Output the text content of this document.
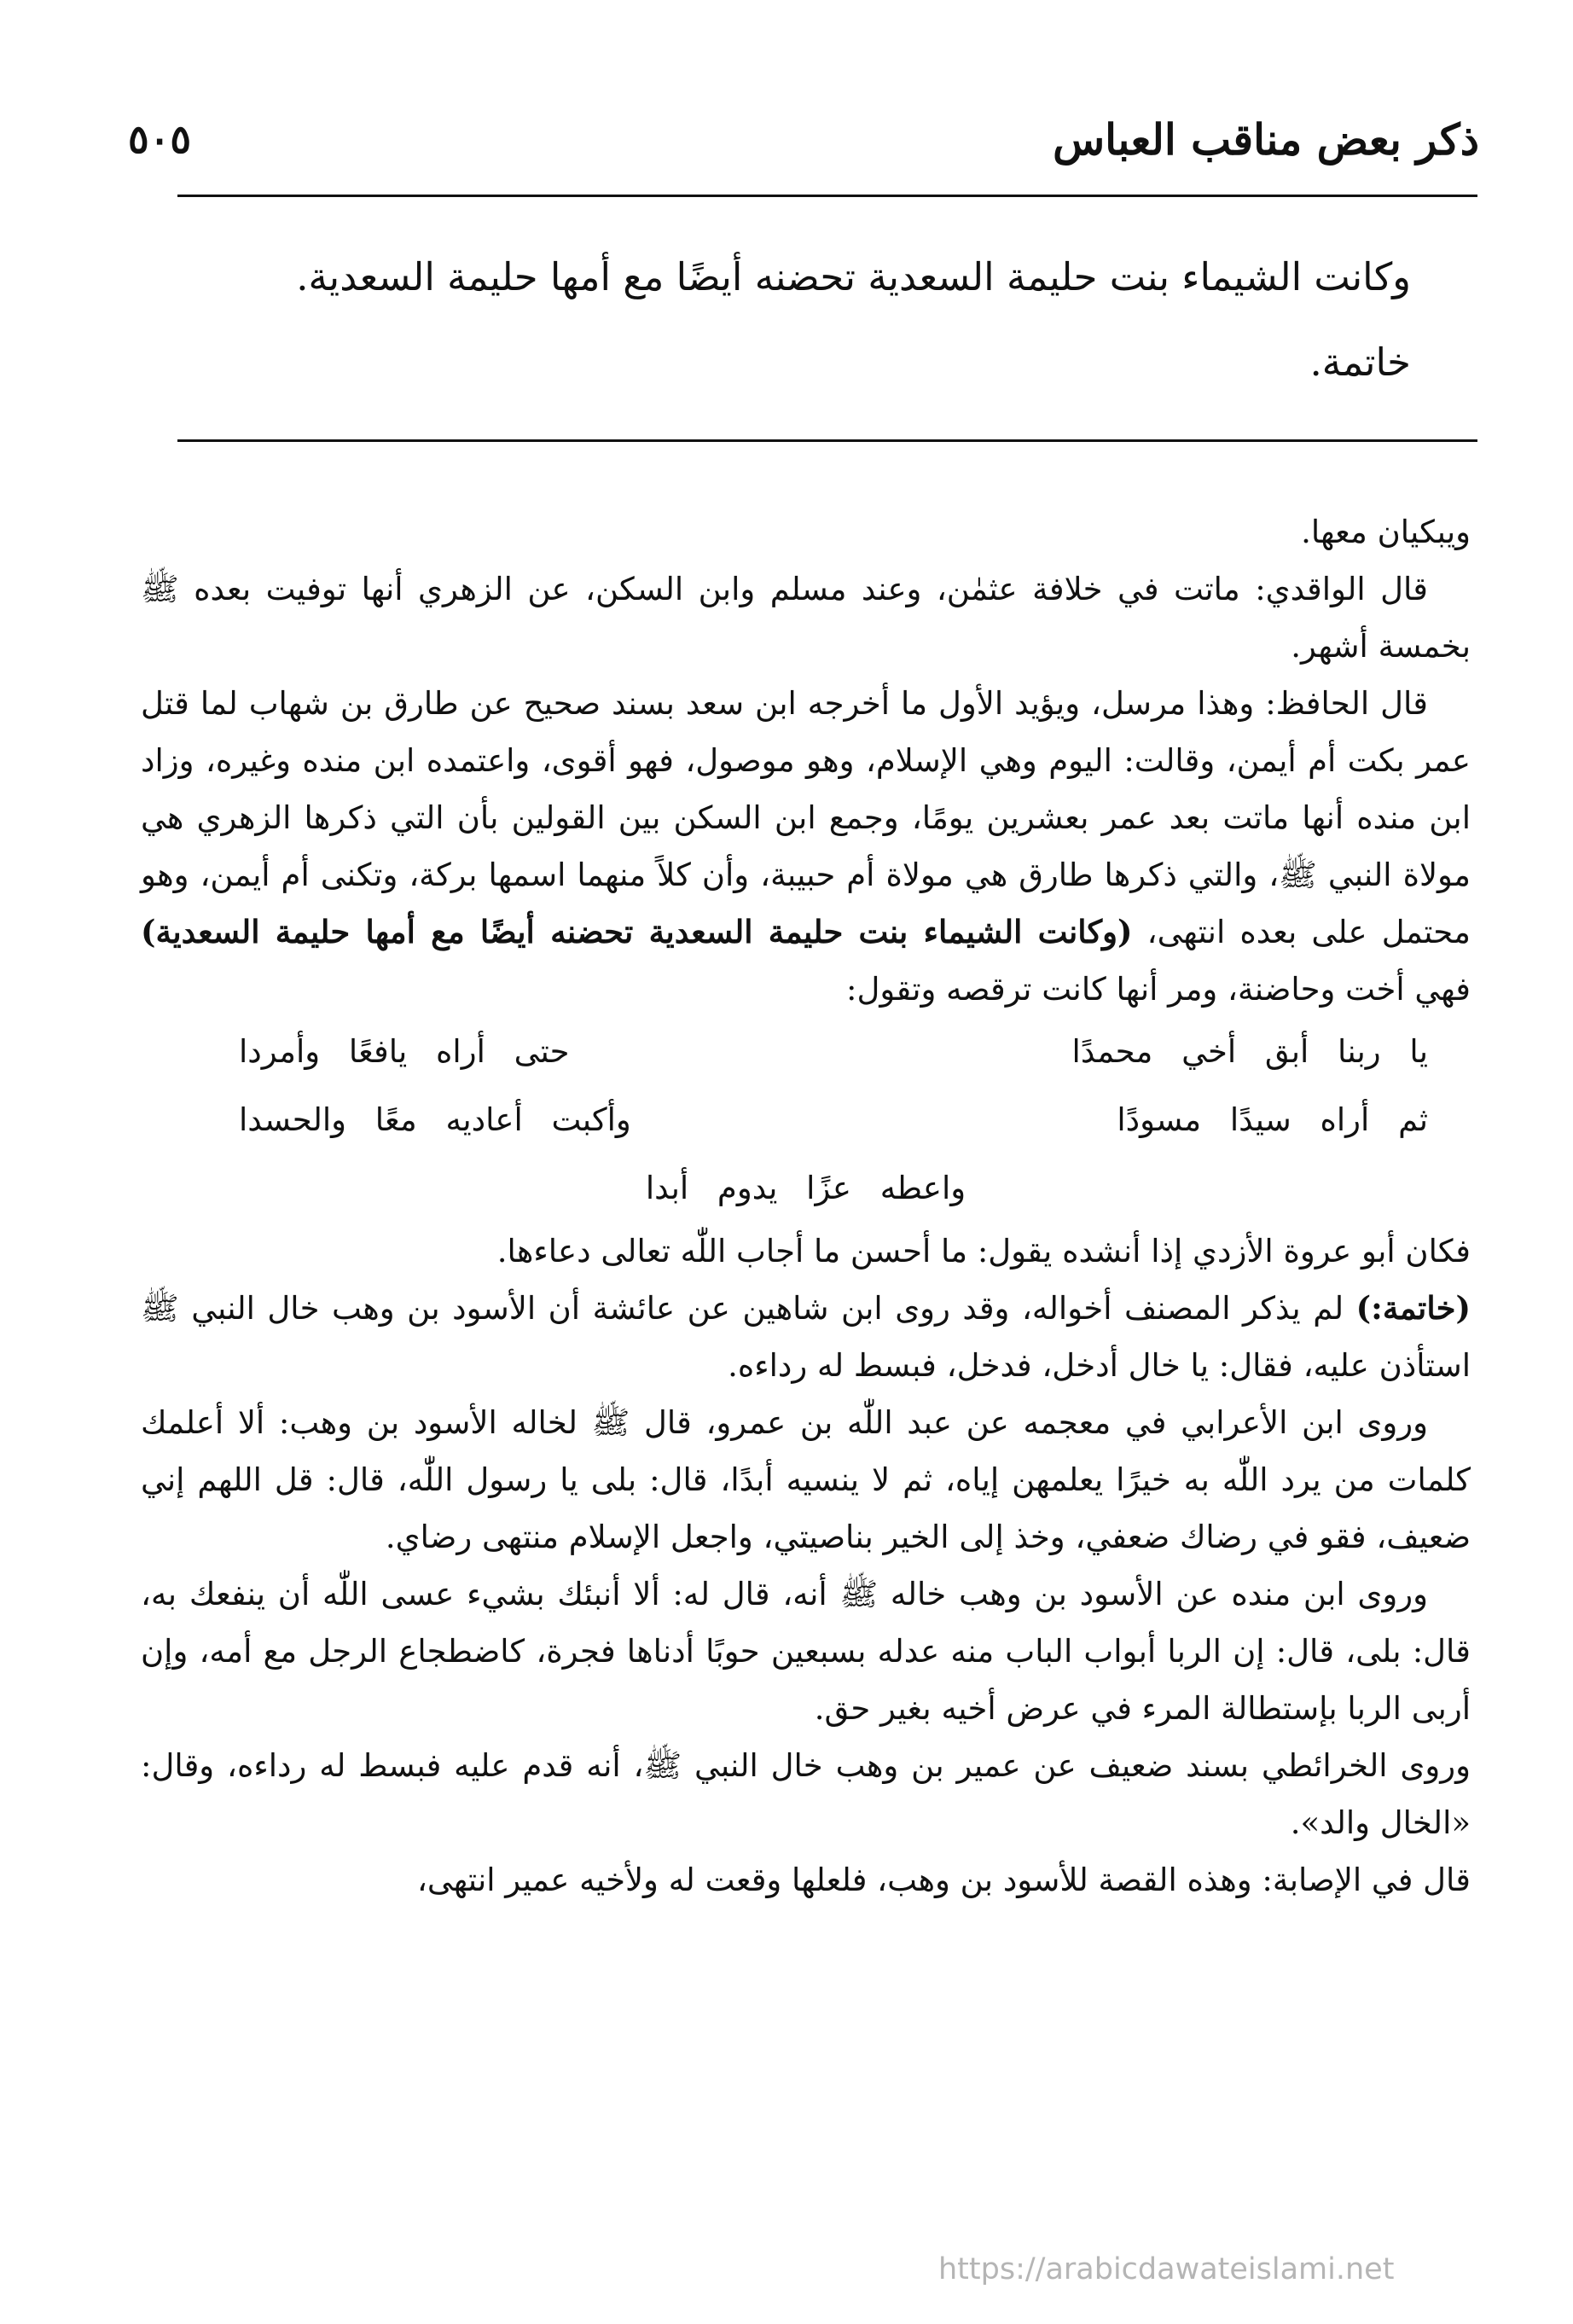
ذكر بعض مناقب العباس
٥٠٥

وكانت الشيماء بنت حليمة السعدية تحضنه أيضًا مع أمها حليمة السعدية.

خاتمة.

ويبكيان معها.

قال الواقدي: ماتت في خلافة عثمٰن، وعند مسلم وابن السكن، عن الزهري أنها توفيت بعده ﷺ بخمسة أشهر.

قال الحافظ: وهذا مرسل، ويؤيد الأول ما أخرجه ابن سعد بسند صحيح عن طارق بن شهاب لما قتل عمر بكت أم أيمن، وقالت: اليوم وهي الإسلام، وهو موصول، فهو أقوى، واعتمده ابن منده وغيره، وزاد ابن منده أنها ماتت بعد عمر بعشرين يومًا، وجمع ابن السكن بين القولين بأن التي ذكرها الزهري هي مولاة النبي ﷺ، والتي ذكرها طارق هي مولاة أم حبيبة، وأن كلاً منهما اسمها بركة، وتكنى أم أيمن، وهو محتمل على بعده انتهى، (وكانت الشيماء بنت حليمة السعدية تحضنه أيضًا مع أمها حليمة السعدية) فهي أخت وحاضنة، ومر أنها كانت ترقصه وتقول:

يا ربنا أبق أخي محمدًا
حتى أراه يافعًا وأمردا
ثم أراه سيدًا مسودًا
وأكبت أعاديه معًا والحسدا
واعطه عزًا يدوم أبدا

فكان أبو عروة الأزدي إذا أنشده يقول: ما أحسن ما أجاب اللّٰه تعالى دعاءها.

(خاتمة:) لم يذكر المصنف أخواله، وقد روى ابن شاهين عن عائشة أن الأسود بن وهب خال النبي ﷺ استأذن عليه، فقال: يا خال أدخل، فدخل، فبسط له رداءه.

وروى ابن الأعرابي في معجمه عن عبد اللّٰه بن عمرو، قال ﷺ لخاله الأسود بن وهب: ألا أعلمك كلمات من يرد اللّٰه به خيرًا يعلمهن إياه، ثم لا ينسيه أبدًا، قال: بلى يا رسول اللّٰه، قال: قل اللهم إني ضعيف، فقو في رضاك ضعفي، وخذ إلى الخير بناصيتي، واجعل الإسلام منتهى رضاي.

وروى ابن منده عن الأسود بن وهب خاله ﷺ أنه، قال له: ألا أنبئك بشيء عسى اللّٰه أن ينفعك به، قال: بلى، قال: إن الربا أبواب الباب منه عدله بسبعين حوبًا أدناها فجرة، كاضطجاع الرجل مع أمه، وإن أربى الربا بإستطالة المرء في عرض أخيه بغير حق.

وروى الخرائطي بسند ضعيف عن عمير بن وهب خال النبي ﷺ، أنه قدم عليه فبسط له رداءه، وقال: «الخال والد».

قال في الإصابة: وهذه القصة للأسود بن وهب، فلعلها وقعت له ولأخيه عمير انتهى،

https://arabicdawateislami.net
